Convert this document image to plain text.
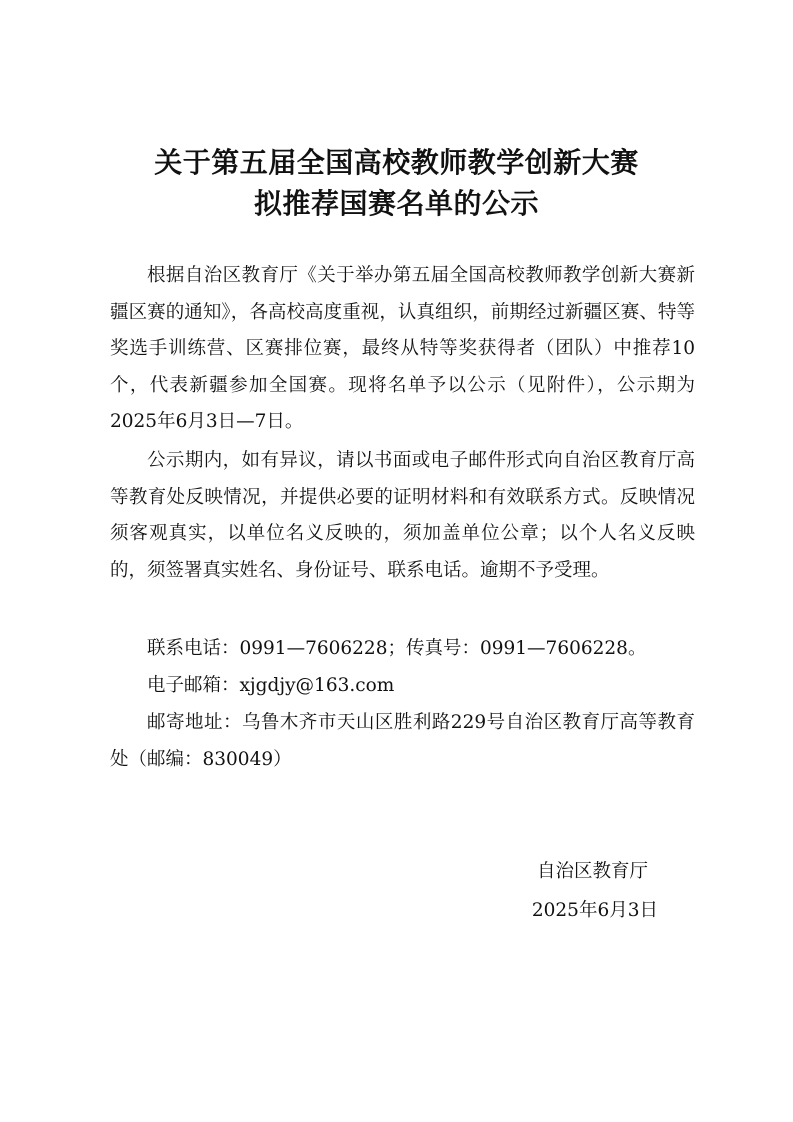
关于第五届全国高校教师教学创新大赛
拟推荐国赛名单的公示
根据自治区教育厅《关于举办第五届全国高校教师教学创新大赛新疆区赛的通知》，各高校高度重视，认真组织，前期经过新疆区赛、特等奖选手训练营、区赛排位赛，最终从特等奖获得者（团队）中推荐10个，代表新疆参加全国赛。现将名单予以公示（见附件），公示期为2025年6月3日—7日。
公示期内，如有异议，请以书面或电子邮件形式向自治区教育厅高等教育处反映情况，并提供必要的证明材料和有效联系方式。反映情况须客观真实，以单位名义反映的，须加盖单位公章；以个人名义反映的，须签署真实姓名、身份证号、联系电话。逾期不予受理。
联系电话：0991—7606228；传真号：0991—7606228。
电子邮箱：xjgdjy@163.com
邮寄地址：乌鲁木齐市天山区胜利路229号自治区教育厅高等教育处（邮编：830049）
自治区教育厅
2025年6月3日
